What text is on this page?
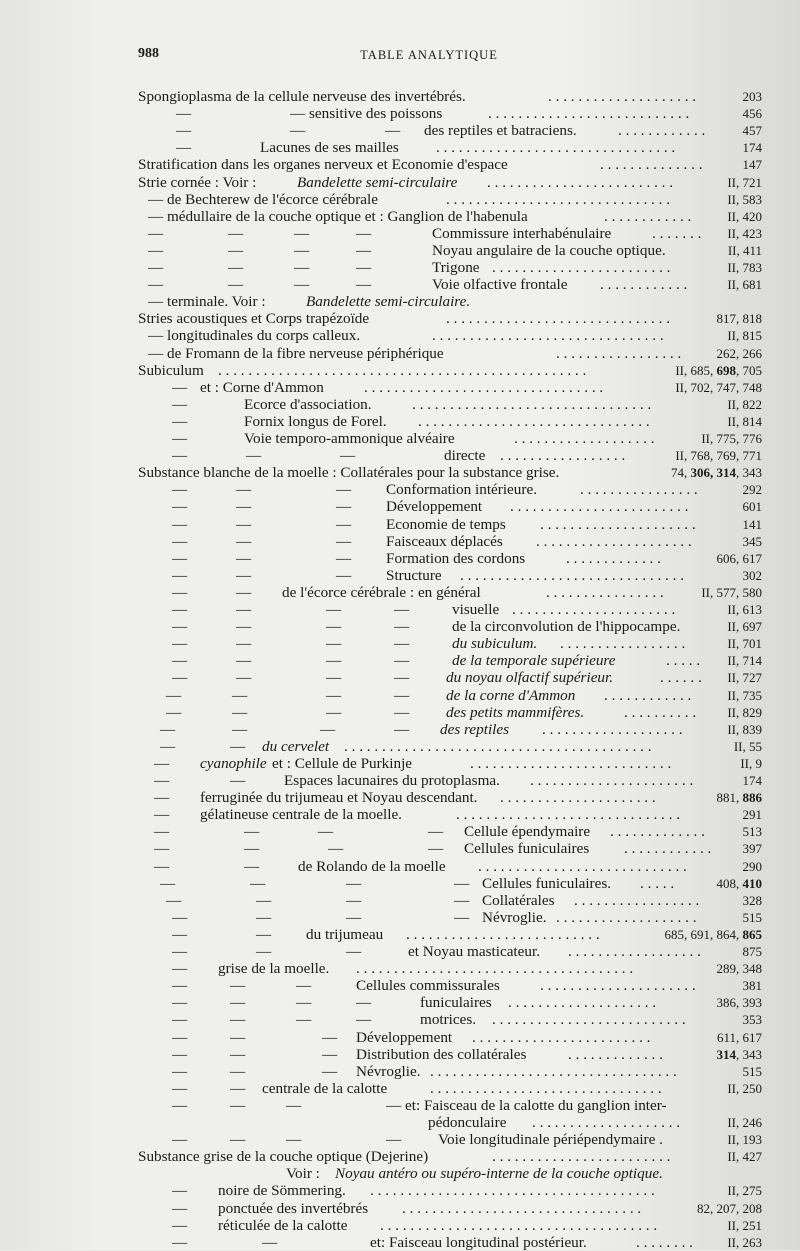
988	TABLE ANALYTIQUE
Spongioplasma de la cellule nerveuse des invertébrés.	. . . . . . . . . . . . . . . . . . . .	203
—	— sensitive des poissons	. . . . . . . . . . . . . . . . . . . . . . . . . . .	456
—	—	— des reptiles et batraciens.	. . . . . . . . . . . .	457
—	Lacunes de ses mailles . . . . . . . . . . . . . . . . . . . . . . . . . . . . . . . .	174
Stratification dans les organes nerveux et Economie d'espace	. . . . . . . . . . . . . .	147
Strie cornée : Voir :	Bandelette semi-circulaire . . . . . . . . . . . . . . . . . . . . . . . . .	II, 721
— de Bechterew de l'écorce cérébrale	. . . . . . . . . . . . . . . . . . . . . . . . . . . . . .	II, 583
— médullaire de la couche optique et : Ganglion de l'habenula	. . . . . . . . . . . .	II, 420
—	—	—	—	Commissure interhabénulaire	. . . . . . . II, 423
—	—	—	—	Noyau angulaire de la couche optique.	II, 411
—	—	—	—	Trigone . . . . . . . . . . . . . . . . . . . . . . . .	II, 783
—	—	—	—	Voie olfactive frontale . . . . . . . . . . . .	II, 681
— terminale. Voir :	Bandelette semi-circulaire.
Stries acoustiques et Corps trapézoïde	. . . . . . . . . . . . . . . . . . . . . . . . . . . . . .	817, 818
— longitudinales du corps calleux.	. . . . . . . . . . . . . . . . . . . . . . . . . . . . . . .	II, 815
— de Fromann de la fibre nerveuse périphérique	. . . . . . . . . . . . . . . . .	262, 266
Subiculum . . . . . . . . . . . . . . . . . . . . . . . . . . . . . . . . . . . . . . . . . . . . . . . . .	II, 685, 698, 705
— et : Corne d'Ammon	. . . . . . . . . . . . . . . . . . . . . . . . . . . . . . . .	II, 702, 747, 748
—	Ecorce d'association.	. . . . . . . . . . . . . . . . . . . . . . . . . . . . . . . .	II, 822
—	Fornix longus de Forel. . . . . . . . . . . . . . . . . . . . . . . . . . . . . . . .	II, 814
—	Voie temporo-ammonique alvéaire	. . . . . . . . . . . . . . . . . . .	II, 775, 776
—	—	—	directe . . . . . . . . . . . . . . . . .	II, 768, 769, 771
Substance blanche de la moelle : Collatérales pour la substance grise.	74, 306, 314, 343
—	—	— Conformation intérieure.	. . . . . . . . . . . . . . . .	292
—	—	— Développement . . . . . . . . . . . . . . . . . . . . . . . .	601
—	—	— Economie de temps . . . . . . . . . . . . . . . . . . . . .	141
—	—	— Faisceaux déplacés . . . . . . . . . . . . . . . . . . . . .	345
—	—	— Formation des cordons	. . . . . . . . . . . . .	606, 617
—	—	— Structure . . . . . . . . . . . . . . . . . . . . . . . . . . . . . .	302
—	— de l'écorce cérébrale : en général	. . . . . . . . . . . . . . . .	II, 577, 580
—	—	—	—	visuelle . . . . . . . . . . . . . . . . . . . . . .	II, 613
—	—	—	—	de la circonvolution de l'hippocampe.	II, 697
—	—	—	—	du subiculum. . . . . . . . . . . . . . . . . .	II, 701
—	—	—	—	de la temporale supérieure	. . . . . II, 714
—	—	—	— du noyau olfactif supérieur.	. . . . . . II, 727
—	—	—	— de la corne d'Ammon . . . . . . . . . . . .	II, 735
—	—	—	— des petits mammifères.	. . . . . . . . . . II, 829
—	—	—	— des reptiles . . . . . . . . . . . . . . . . . . .	II, 839
—	— du cervelet . . . . . . . . . . . . . . . . . . . . . . . . . . . . . . . . . . . . . . . . .	II, 55
— cyanophile et : Cellule de Purkinje	. . . . . . . . . . . . . . . . . . . . . . . . . . .	II, 9
—	—	Espaces lacunaires du protoplasma. . . . . . . . . . . . . . . . . . . . . . .	174
— ferruginée du trijumeau et Noyau descendant. . . . . . . . . . . . . . . . . . . . . .	881, 886
— gélatineuse centrale de la moelle.	. . . . . . . . . . . . . . . . . . . . . . . . . . . . . .	291
—	—	—	— Cellule épendymaire . . . . . . . . . . . . .	513
—	—	—	— Cellules funiculaires . . . . . . . . . . . . 397
—	—	de Rolando de la moelle . . . . . . . . . . . . . . . . . . . . . . . . . . . .	290
—	—	—	— Cellules funiculaires. . . . . .	408, 410
—	—	—	— Collatérales . . . . . . . . . . . . . . . . .	328
—	—	—	— Névroglie. . . . . . . . . . . . . . . . . . . .	515
—	— du trijumeau . . . . . . . . . . . . . . . . . . . . . . . . . .	685, 691, 864, 865
—	—	—	et Noyau masticateur. . . . . . . . . . . . . . . . . . .	875
— grise de la moelle. . . . . . . . . . . . . . . . . . . . . . . . . . . . . . . . . . . . . .	289, 348
—	—	—	Cellules commissurales	. . . . . . . . . . . . . . . . . . . . .	381
—	—	—	—	funiculaires . . . . . . . . . . . . . . . . . . . .	386, 393
—	—	—	—	motrices. . . . . . . . . . . . . . . . . . . . . . . . . . .	353
—	—	— Développement . . . . . . . . . . . . . . . . . . . . . . . .	611, 617
—	—	— Distribution des collatérales	. . . . . . . . . . . . .	314, 343
—	—	— Névroglie. . . . . . . . . . . . . . . . . . . . . . . . . . . . . . . . . .	515
—	— centrale de la calotte	. . . . . . . . . . . . . . . . . . . . . . . . . . . . . . .	II, 250
—	—	—	— et: Faisceau de la calotte du ganglion inter-
pédonculaire . . . . . . . . . . . . . . . . . . . .	II, 246
—	—	—	— Voie longitudinale périépendymaire .	II, 193
Substance grise de la couche optique (Dejerine)	. . . . . . . . . . . . . . . . . . . . . . . .	II, 427
Voir : Noyau antéro ou supéro-interne de la couche optique.
— noire de Sömmering. . . . . . . . . . . . . . . . . . . . . . . . . . . . . . . . . . . . . . .	II, 275
— ponctuée des invertébrés . . . . . . . . . . . . . . . . . . . . . . . . . . . . . . . .	82, 207, 208
— réticulée de la calotte . . . . . . . . . . . . . . . . . . . . . . . . . . . . . . . . . . . . .	II, 251
—	—	et: Faisceau longitudinal postérieur.	. . . . . . . .	II, 263
